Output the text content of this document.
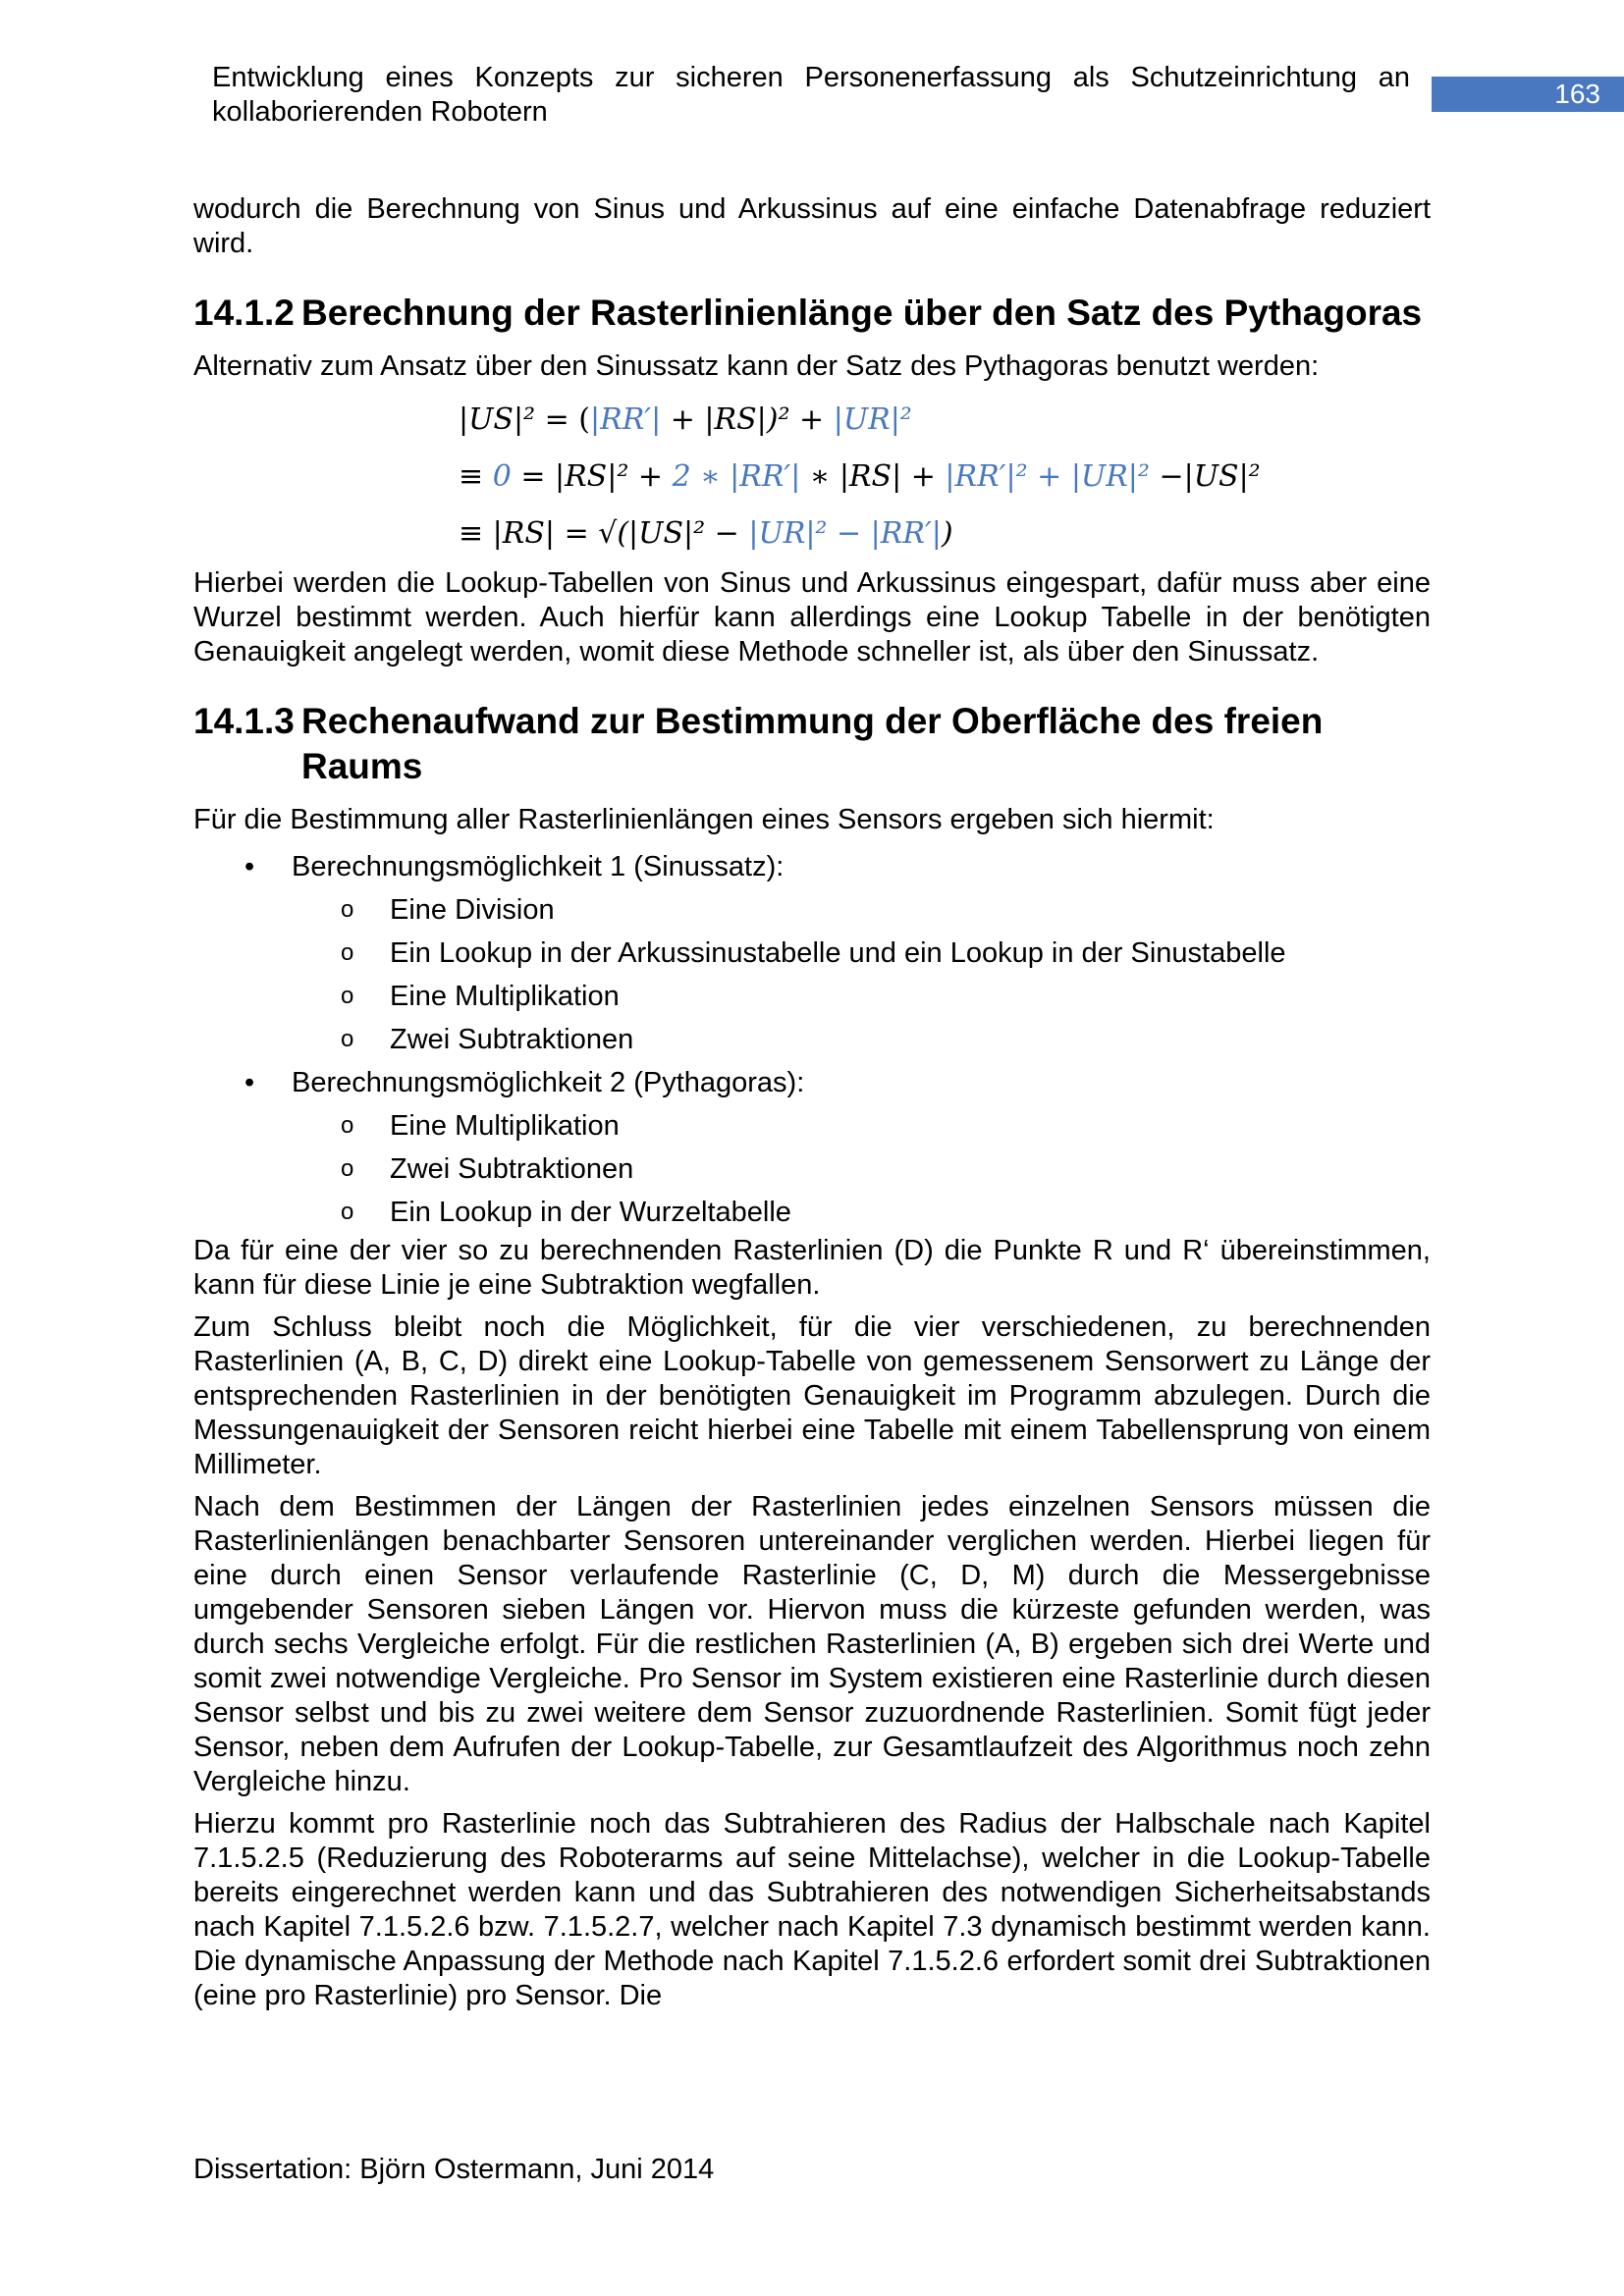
Entwicklung eines Konzepts zur sicheren Personenerfassung als Schutzeinrichtung an kollaborierenden Robotern
163

wodurch die Berechnung von Sinus und Arkussinus auf eine einfache Datenabfrage reduziert wird.

14.1.2 Berechnung der Rasterlinienlänge über den Satz des Pythagoras

Alternativ zum Ansatz über den Sinussatz kann der Satz des Pythagoras benutzt werden:

|US|² = (|RR′| + |RS|)² + |UR|²
≡ 0 = |RS|² + 2 ∗ |RR′| ∗ |RS| + |RR′|² + |UR|² −|US|²
≡ |RS| = √(|US|² − |UR|² − |RR′|)

Hierbei werden die Lookup-Tabellen von Sinus und Arkussinus eingespart, dafür muss aber eine Wurzel bestimmt werden. Auch hierfür kann allerdings eine Lookup Tabelle in der benötigten Genauigkeit angelegt werden, womit diese Methode schneller ist, als über den Sinussatz.

14.1.3 Rechenaufwand zur Bestimmung der Oberfläche des freien Raums

Für die Bestimmung aller Rasterlinienlängen eines Sensors ergeben sich hiermit:

• Berechnungsmöglichkeit 1 (Sinussatz):
o Eine Division
o Ein Lookup in der Arkussinustabelle und ein Lookup in der Sinustabelle
o Eine Multiplikation
o Zwei Subtraktionen
• Berechnungsmöglichkeit 2 (Pythagoras):
o Eine Multiplikation
o Zwei Subtraktionen
o Ein Lookup in der Wurzeltabelle

Da für eine der vier so zu berechnenden Rasterlinien (D) die Punkte R und R‘ übereinstimmen, kann für diese Linie je eine Subtraktion wegfallen.

Zum Schluss bleibt noch die Möglichkeit, für die vier verschiedenen, zu berechnenden Rasterlinien (A, B, C, D) direkt eine Lookup-Tabelle von gemessenem Sensorwert zu Länge der entsprechenden Rasterlinien in der benötigten Genauigkeit im Programm abzulegen. Durch die Messungenauigkeit der Sensoren reicht hierbei eine Tabelle mit einem Tabellensprung von einem Millimeter.

Nach dem Bestimmen der Längen der Rasterlinien jedes einzelnen Sensors müssen die Rasterlinienlängen benachbarter Sensoren untereinander verglichen werden. Hierbei liegen für eine durch einen Sensor verlaufende Rasterlinie (C, D, M) durch die Messergebnisse umgebender Sensoren sieben Längen vor. Hiervon muss die kürzeste gefunden werden, was durch sechs Vergleiche erfolgt. Für die restlichen Rasterlinien (A, B) ergeben sich drei Werte und somit zwei notwendige Vergleiche. Pro Sensor im System existieren eine Rasterlinie durch diesen Sensor selbst und bis zu zwei weitere dem Sensor zuzuordnende Rasterlinien. Somit fügt jeder Sensor, neben dem Aufrufen der Lookup-Tabelle, zur Gesamtlaufzeit des Algorithmus noch zehn Vergleiche hinzu.

Hierzu kommt pro Rasterlinie noch das Subtrahieren des Radius der Halbschale nach Kapitel 7.1.5.2.5 (Reduzierung des Roboterarms auf seine Mittelachse), welcher in die Lookup-Tabelle bereits eingerechnet werden kann und das Subtrahieren des notwendigen Sicherheitsabstands nach Kapitel 7.1.5.2.6 bzw. 7.1.5.2.7, welcher nach Kapitel 7.3 dynamisch bestimmt werden kann. Die dynamische Anpassung der Methode nach Kapitel 7.1.5.2.6 erfordert somit drei Subtraktionen (eine pro Rasterlinie) pro Sensor. Die

Dissertation: Björn Ostermann, Juni 2014
